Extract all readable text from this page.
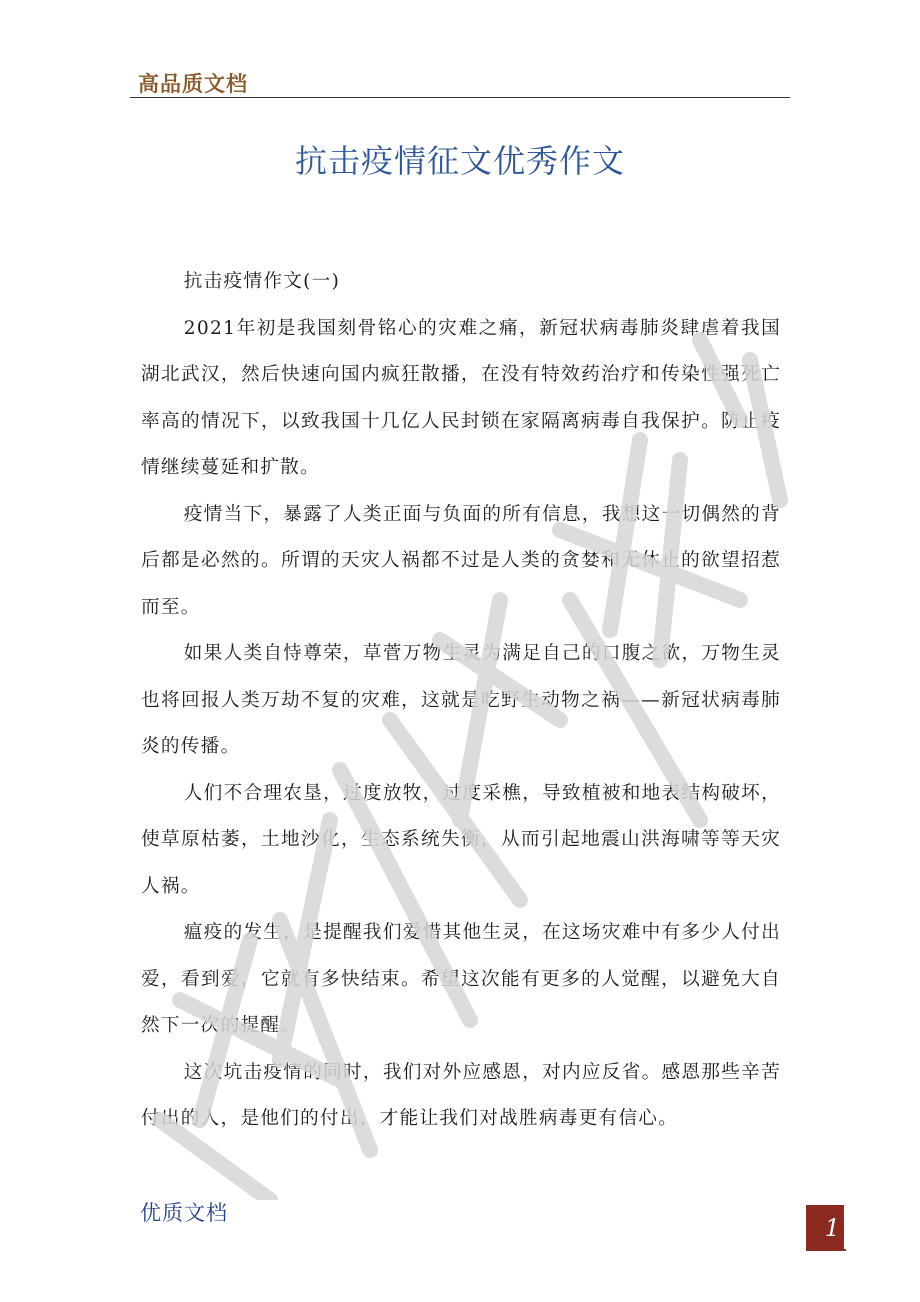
高品质文档
抗击疫情征文优秀作文

抗击疫情作文(一)

2021年初是我国刻骨铭心的灾难之痛，新冠状病毒肺炎肆虐着我国湖北武汉，然后快速向国内疯狂散播，在没有特效药治疗和传染性强死亡率高的情况下，以致我国十几亿人民封锁在家隔离病毒自我保护。防止疫情继续蔓延和扩散。

疫情当下，暴露了人类正面与负面的所有信息，我想这一切偶然的背后都是必然的。所谓的天灾人祸都不过是人类的贪婪和无休止的欲望招惹而至。

如果人类自恃尊荣，草菅万物生灵为满足自己的口腹之欲，万物生灵也将回报人类万劫不复的灾难，这就是吃野生动物之祸——新冠状病毒肺炎的传播。

人们不合理农垦，过度放牧，过度采樵，导致植被和地表结构破坏，使草原枯萎，土地沙化，生态系统失衡，从而引起地震山洪海啸等等天灾人祸。

瘟疫的发生，是提醒我们爱惜其他生灵，在这场灾难中有多少人付出爱，看到爱，它就有多快结束。希望这次能有更多的人觉醒，以避免大自然下一次的提醒。

这次坑击疫情的同时，我们对外应感恩，对内应反省。感恩那些辛苦付出的人，是他们的付出，才能让我们对战胜病毒更有信心。

优质文档
1
